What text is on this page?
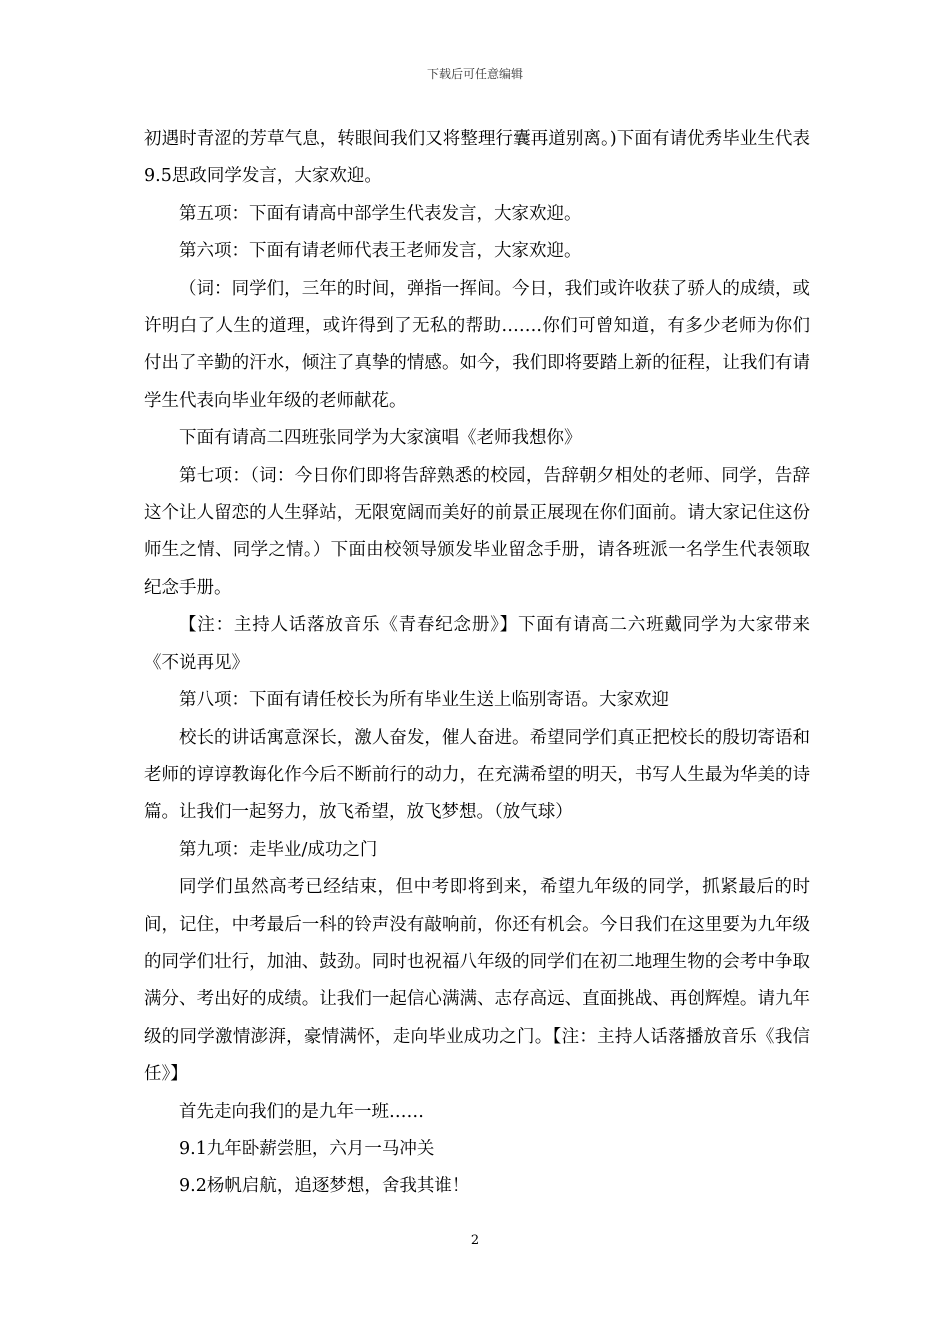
下载后可任意编辑

初遇时青涩的芳草气息，转眼间我们又将整理行囊再道别离。)下面有请优秀毕业生代表9.5思政同学发言，大家欢迎。

第五项：下面有请高中部学生代表发言，大家欢迎。

第六项：下面有请老师代表王老师发言，大家欢迎。

（词：同学们，三年的时间，弹指一挥间。今日，我们或许收获了骄人的成绩，或许明白了人生的道理，或许得到了无私的帮助…….你们可曾知道，有多少老师为你们付出了辛勤的汗水，倾注了真挚的情感。如今，我们即将要踏上新的征程，让我们有请学生代表向毕业年级的老师献花。

下面有请高二四班张同学为大家演唱《老师我想你》

第七项：（词：今日你们即将告辞熟悉的校园，告辞朝夕相处的老师、同学，告辞这个让人留恋的人生驿站，无限宽阔而美好的前景正展现在你们面前。请大家记住这份师生之情、同学之情。）下面由校领导颁发毕业留念手册，请各班派一名学生代表领取纪念手册。

【注：主持人话落放音乐《青春纪念册》】下面有请高二六班戴同学为大家带来《不说再见》

第八项：下面有请任校长为所有毕业生送上临别寄语。大家欢迎

校长的讲话寓意深长，激人奋发，催人奋进。希望同学们真正把校长的殷切寄语和老师的谆谆教诲化作今后不断前行的动力，在充满希望的明天，书写人生最为华美的诗篇。让我们一起努力，放飞希望，放飞梦想。（放气球）

第九项：走毕业/成功之门

同学们虽然高考已经结束，但中考即将到来，希望九年级的同学，抓紧最后的时间，记住，中考最后一科的铃声没有敲响前，你还有机会。今日我们在这里要为九年级的同学们壮行，加油、鼓劲。同时也祝福八年级的同学们在初二地理生物的会考中争取满分、考出好的成绩。让我们一起信心满满、志存高远、直面挑战、再创辉煌。请九年级的同学激情澎湃，豪情满怀，走向毕业成功之门。【注：主持人话落播放音乐《我信任》】

首先走向我们的是九年一班……

9.1九年卧薪尝胆，六月一马冲关

9.2杨帆启航，追逐梦想，舍我其谁！

2
